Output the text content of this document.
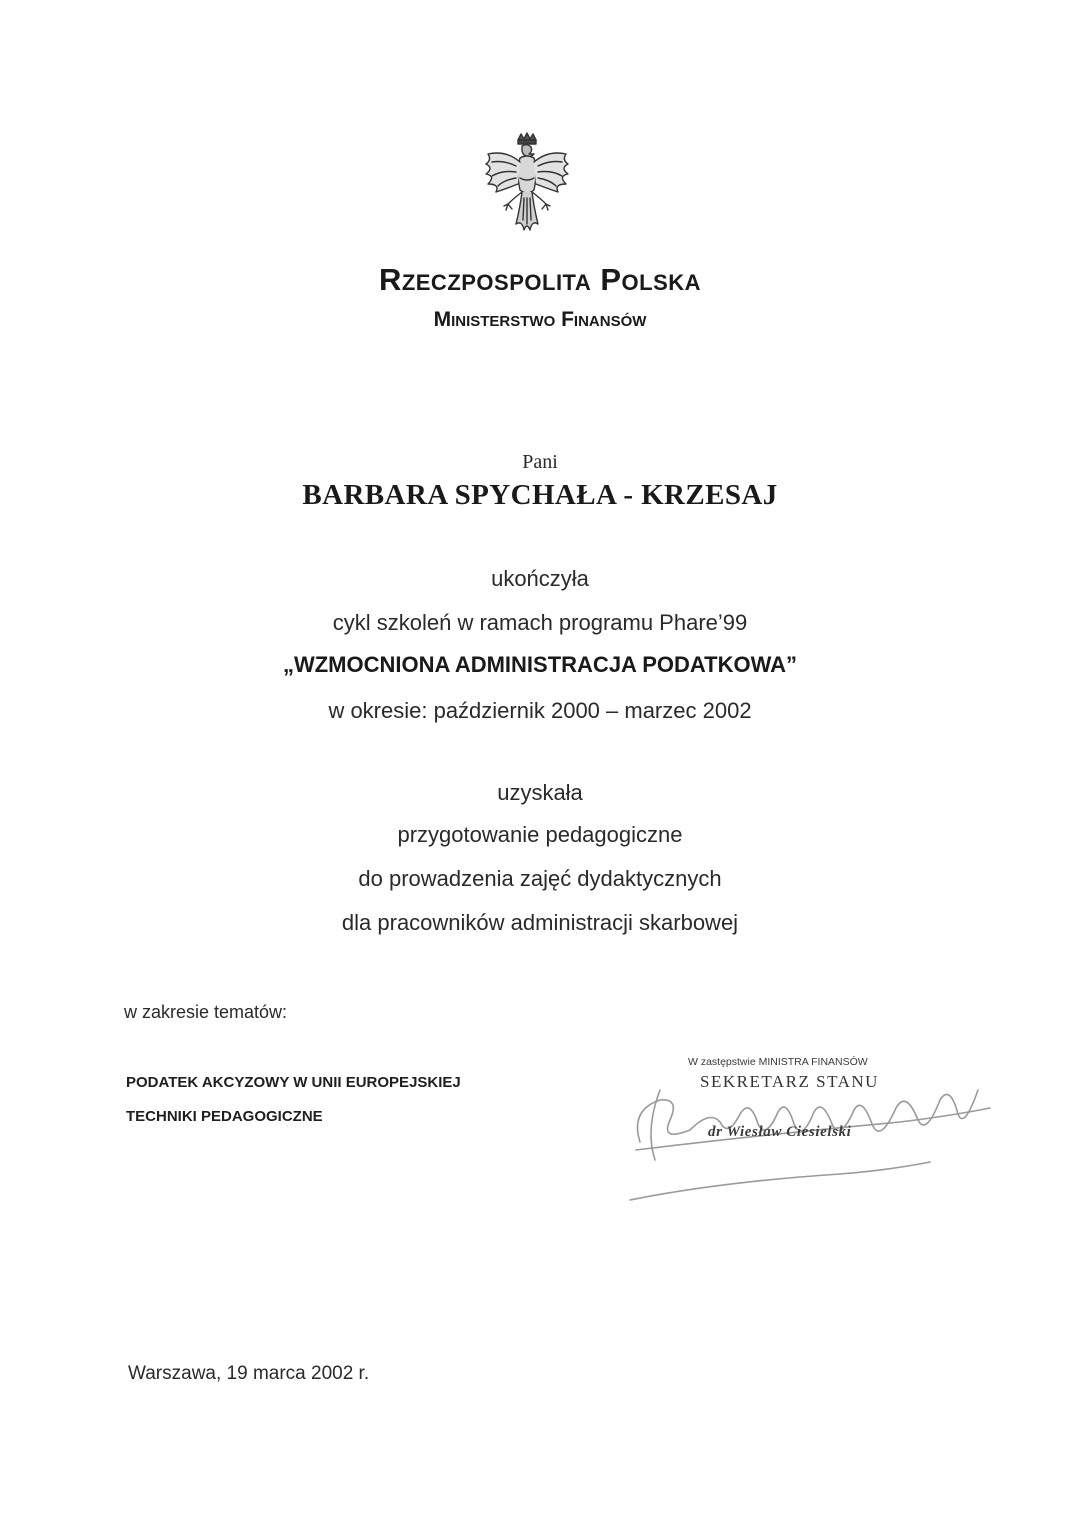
Rzeczpospolita Polska
Ministerstwo Finansów
Pani
BARBARA SPYCHAŁA - KRZESAJ
ukończyła
cykl szkoleń w ramach programu Phare’99
„WZMOCNIONA ADMINISTRACJA PODATKOWA”
w okresie: październik 2000 – marzec 2002
uzyskała
przygotowanie pedagogiczne
do prowadzenia zajęć dydaktycznych
dla pracowników administracji skarbowej
w zakresie tematów:
PODATEK AKCYZOWY W UNII EUROPEJSKIEJ
TECHNIKI PEDAGOGICZNE
W zastępstwie MINISTRA FINANSÓW
SEKRETARZ STANU
dr Wiesław Ciesielski
Warszawa, 19 marca 2002 r.
